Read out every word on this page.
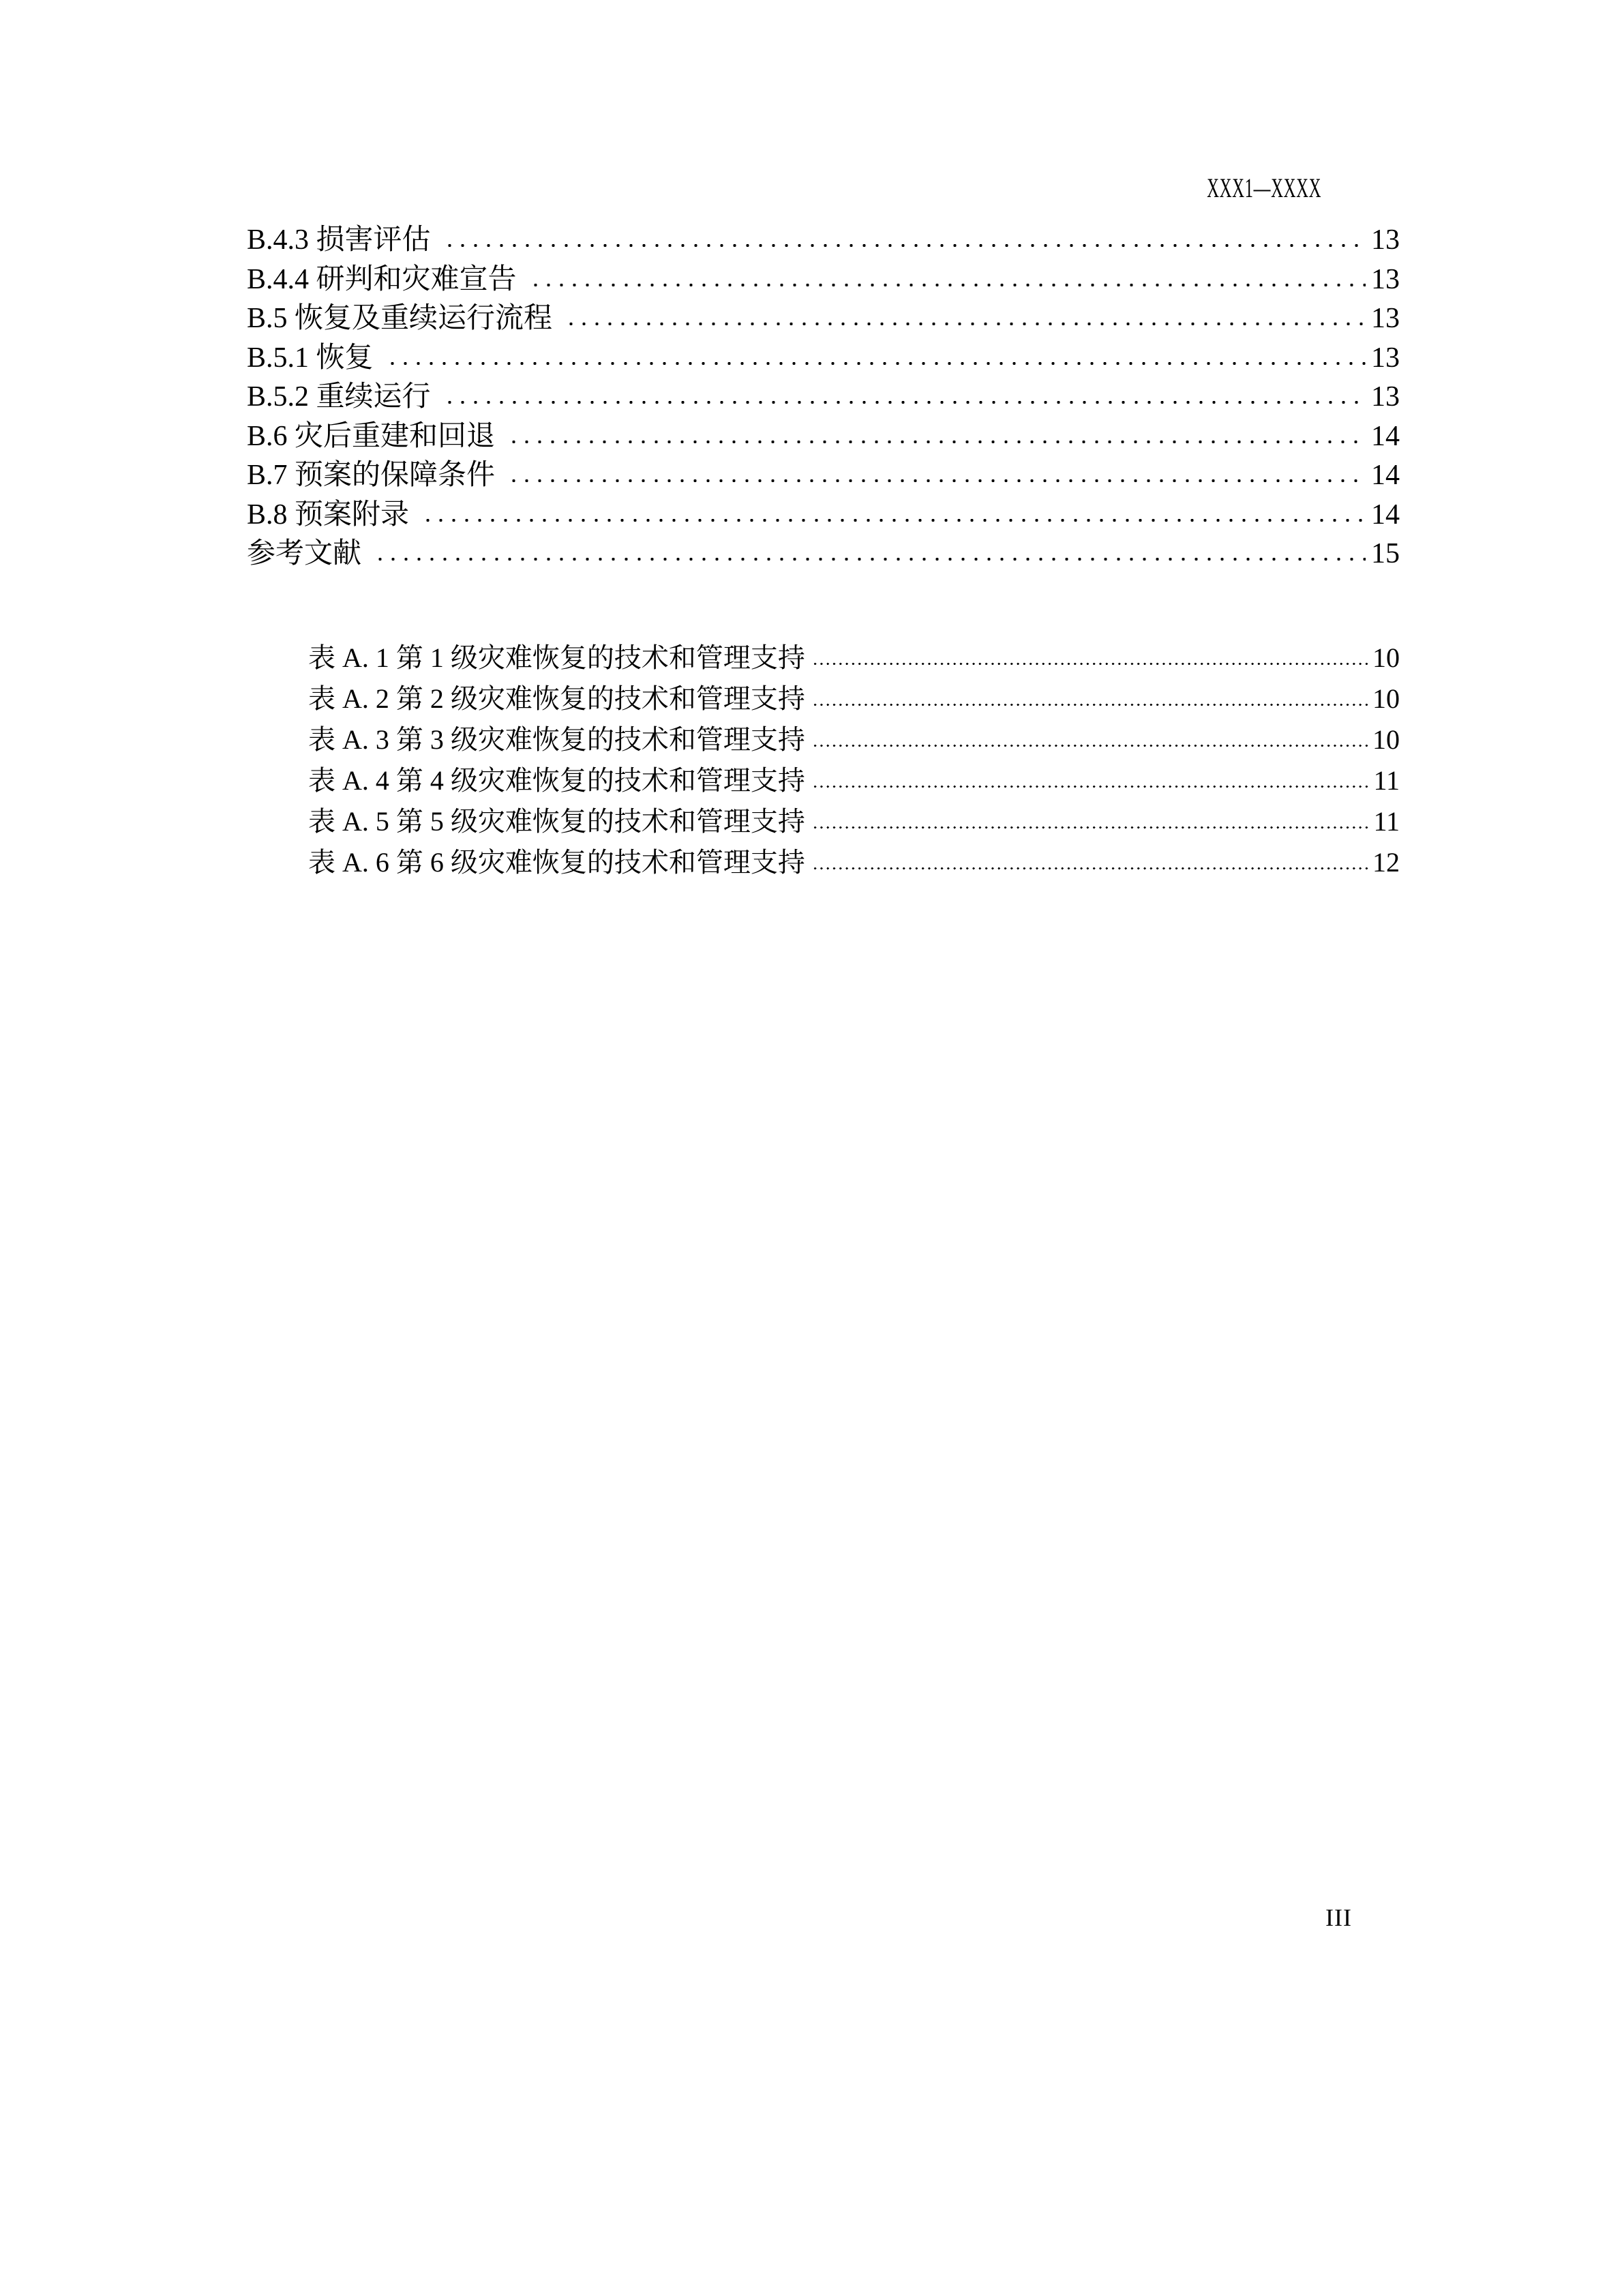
XXX1—XXXX
B.4.3 损害评估	13
B.4.4 研判和灾难宣告	13
B.5 恢复及重续运行流程	13
B.5.1 恢复	13
B.5.2 重续运行	13
B.6 灾后重建和回退	14
B.7 预案的保障条件	14
B.8 预案附录	14
参考文献	15
表 A. 1 第 1 级灾难恢复的技术和管理支持	10
表 A. 2 第 2 级灾难恢复的技术和管理支持	10
表 A. 3 第 3 级灾难恢复的技术和管理支持	10
表 A. 4 第 4 级灾难恢复的技术和管理支持	11
表 A. 5 第 5 级灾难恢复的技术和管理支持	11
表 A. 6 第 6 级灾难恢复的技术和管理支持	12
III
